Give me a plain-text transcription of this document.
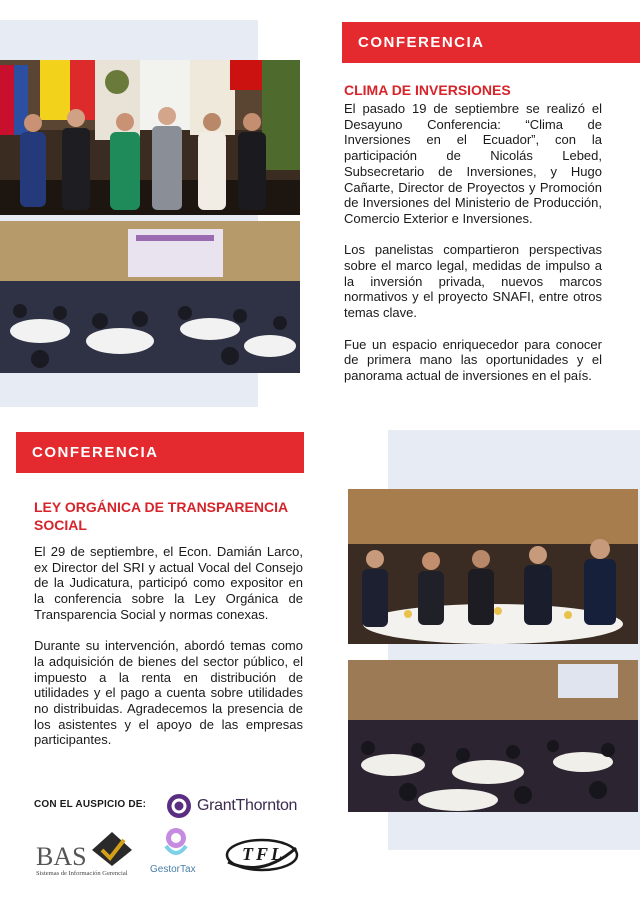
CONFERENCIA
CLIMA DE INVERSIONES

El pasado 19 de septiembre se realizó el Desayuno Conferencia: “Clima de Inversiones en el Ecuador”, con la participación de Nicolás Lebed, Subsecretario de Inversiones, y Hugo Cañarte, Director de Proyectos y Promoción de Inversiones del Ministerio de Producción, Comercio Exterior e Inversiones.

Los panelistas compartieron perspectivas sobre el marco legal, medidas de impulso a la inversión privada, nuevos marcos normativos y el proyecto SNAFI, entre otros temas clave.

Fue un espacio enriquecedor para conocer de primera mano las oportunidades y el panorama actual de inversiones en el país.

CONFERENCIA
LEY ORGÁNICA DE TRANSPARENCIA SOCIAL

El 29 de septiembre, el Econ. Damián Larco, ex Director del SRI y actual Vocal del Consejo de la Judicatura, participó como expositor en la conferencia sobre la Ley Orgánica de Transparencia Social y normas conexas.

Durante su intervención, abordó temas como la adquisición de bienes del sector público, el impuesto a la renta en distribución de utilidades y el pago a cuenta sobre utilidades no distribuidas. Agradecemos la presencia de los asistentes y el apoyo de las empresas participantes.

CON EL AUSPICIO DE:	GrantThornton
BAS
Sistemas de Información Gerencial GestorTax
TFL
